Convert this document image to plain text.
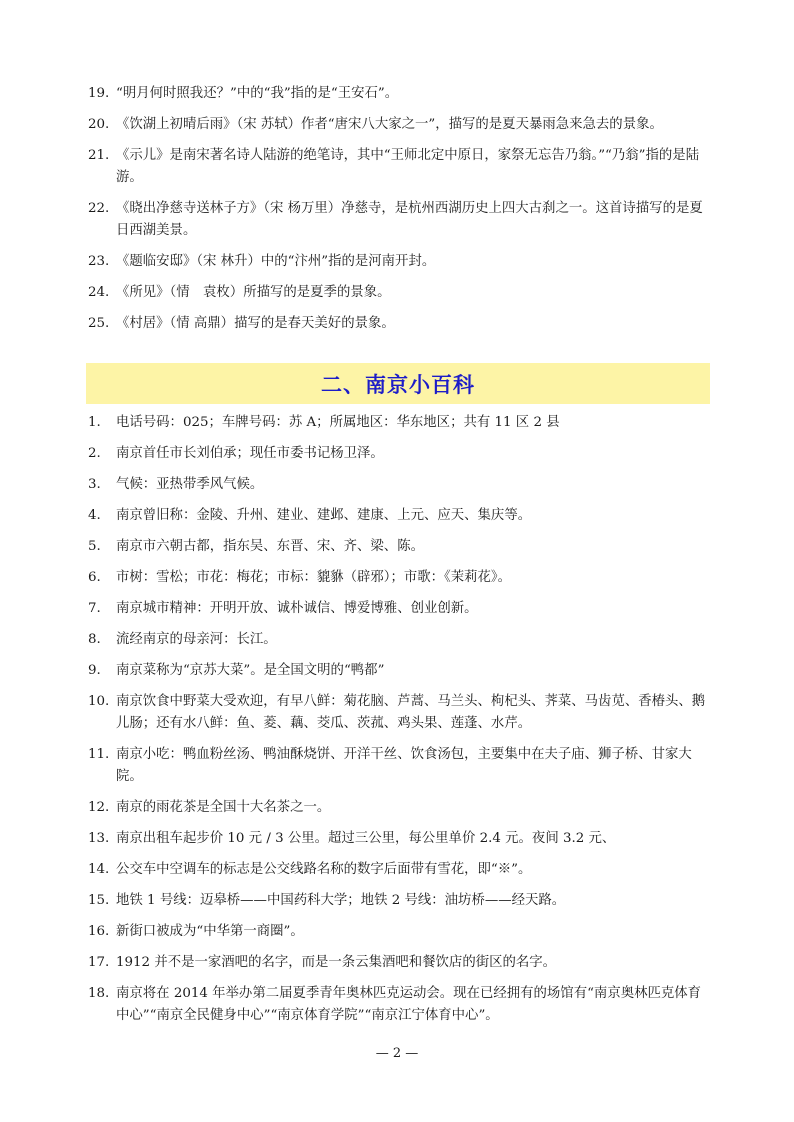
19. “明月何时照我还？”中的“我”指的是“王安石”。
20. 《饮湖上初晴后雨》（宋 苏轼）作者“唐宋八大家之一”，描写的是夏天暴雨急来急去的景象。
21. 《示儿》是南宋著名诗人陆游的绝笔诗，其中“王师北定中原日，家祭无忘告乃翁。”“乃翁”指的是陆游。
22. 《晓出净慈寺送林子方》（宋 杨万里）净慈寺，是杭州西湖历史上四大古刹之一。这首诗描写的是夏日西湖美景。
23. 《题临安邸》（宋 林升）中的“汴州”指的是河南开封。
24. 《所见》（情　袁枚）所描写的是夏季的景象。
25. 《村居》（情 高鼎）描写的是春天美好的景象。
二、南京小百科
1.	电话号码：025；车牌号码：苏 A；所属地区：华东地区；共有 11 区 2 县
2.	南京首任市长刘伯承；现任市委书记杨卫泽。
3.	气候：亚热带季风气候。
4.	南京曾旧称：金陵、升州、建业、建邺、建康、上元、应天、集庆等。
5.	南京市六朝古都，指东吴、东晋、宋、齐、梁、陈。
6.	市树：雪松；市花：梅花；市标：貔貅（辟邪）；市歌：《茉莉花》。
7.	南京城市精神：开明开放、诚朴诚信、博爱博雅、创业创新。
8.	流经南京的母亲河：长江。
9.	南京菜称为“京苏大菜”。是全国文明的“鸭都”
10. 南京饮食中野菜大受欢迎，有早八鲜：菊花脑、芦蒿、马兰头、枸杞头、荠菜、马齿苋、香椿头、鹅儿肠；还有水八鲜：鱼、菱、藕、茭瓜、茨菰、鸡头果、莲蓬、水芹。
11. 南京小吃：鸭血粉丝汤、鸭油酥烧饼、开洋干丝、饮食汤包，主要集中在夫子庙、狮子桥、甘家大院。
12. 南京的雨花茶是全国十大名茶之一。
13. 南京出租车起步价 10 元 / 3 公里。超过三公里，每公里单价 2.4 元。夜间 3.2 元、
14. 公交车中空调车的标志是公交线路名称的数字后面带有雪花，即“※”。
15. 地铁 1 号线：迈皋桥——中国药科大学；地铁 2 号线：油坊桥——经天路。
16. 新街口被成为“中华第一商圈”。
17. 1912 并不是一家酒吧的名字，而是一条云集酒吧和餐饮店的街区的名字。
18. 南京将在 2014 年举办第二届夏季青年奥林匹克运动会。现在已经拥有的场馆有“南京奥林匹克体育中心”“南京全民健身中心”“南京体育学院”“南京江宁体育中心”。
— 2 —
